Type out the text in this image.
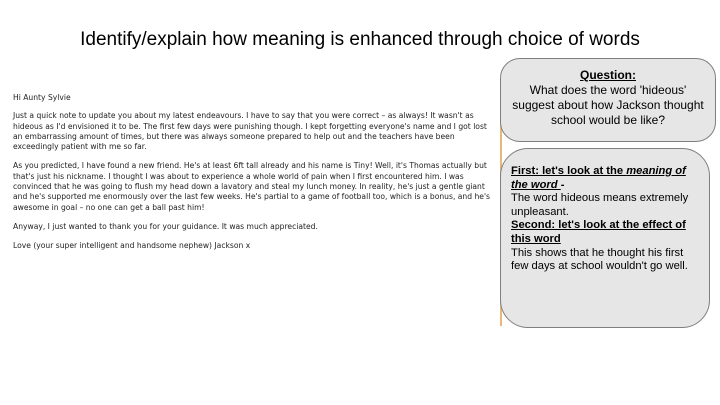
Identify/explain how meaning is enhanced through choice of words

Hi Aunty Sylvie

Just a quick note to update you about my latest endeavours. I have to say that you were correct – as always! It wasn't as hideous as I'd envisioned it to be. The first few days were punishing though. I kept forgetting everyone's name and I got lost an embarrassing amount of times, but there was always someone prepared to help out and the teachers have been exceedingly patient with me so far.

As you predicted, I have found a new friend. He's at least 6ft tall already and his name is Tiny! Well, it's Thomas actually but that's just his nickname. I thought I was about to experience a whole world of pain when I first encountered him. I was convinced that he was going to flush my head down a lavatory and steal my lunch money. In reality, he's just a gentle giant and he's supported me enormously over the last few weeks. He's partial to a game of football too, which is a bonus, and he's awesome in goal – no one can get a ball past him!

Anyway, I just wanted to thank you for your guidance. It was much appreciated.

Love (your super intelligent and handsome nephew) Jackson x

Question:
What does the word 'hideous' suggest about how Jackson thought school would be like?
First: let's look at the meaning of the word -
The word hideous means extremely unpleasant.
Second: let's look at the effect of this word
This shows that he thought his first few days at school wouldn't go well.
